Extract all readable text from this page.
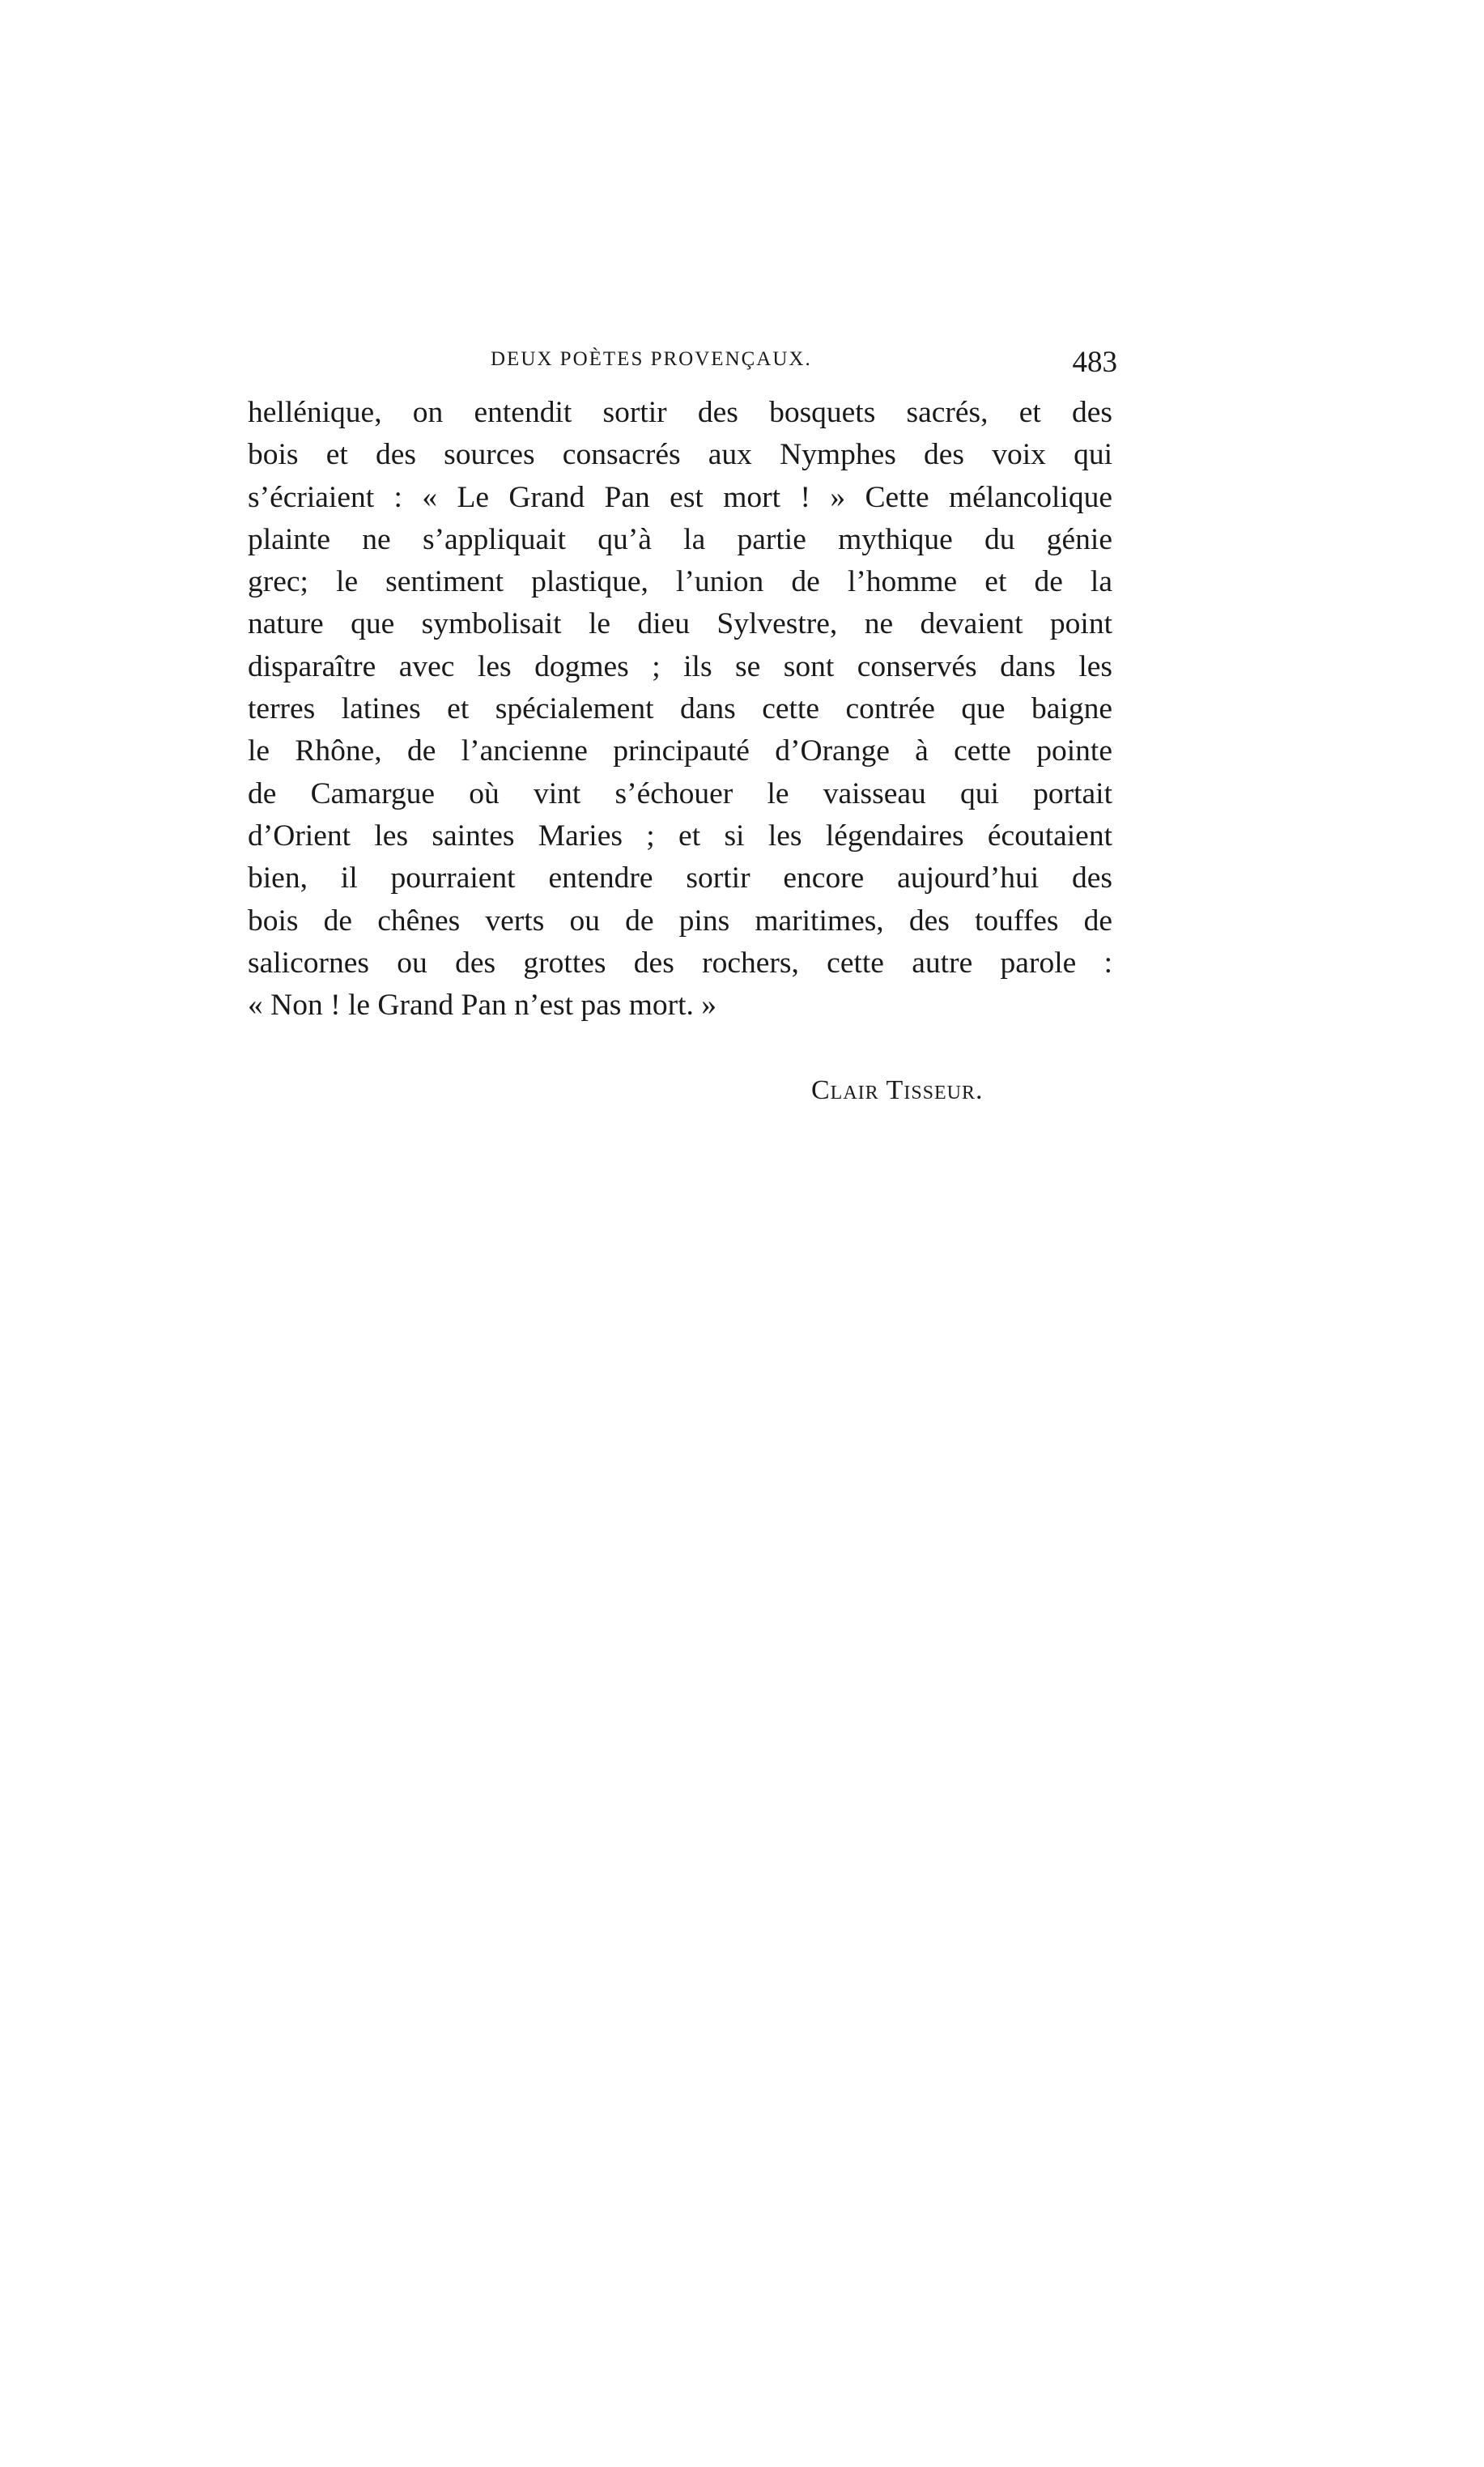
DEUX POÈTES PROVENÇAUX.	483
hellénique, on entendit sortir des bosquets sacrés, et des
bois et des sources consacrés aux Nymphes des voix qui
s’écriaient : « Le Grand Pan est mort ! » Cette mélancolique
plainte ne s’appliquait qu’à la partie mythique du génie
grec; le sentiment plastique, l’union de l’homme et de la
nature que symbolisait le dieu Sylvestre, ne devaient point
disparaître avec les dogmes ; ils se sont conservés dans les
terres latines et spécialement dans cette contrée que baigne
le Rhône, de l’ancienne principauté d’Orange à cette pointe
de Camargue où vint s’échouer le vaisseau qui portait
d’Orient les saintes Maries ; et si les légendaires écoutaient
bien, il pourraient entendre sortir encore aujourd’hui des
bois de chênes verts ou de pins maritimes, des touffes de
salicornes ou des grottes des rochers, cette autre parole :
« Non ! le Grand Pan n’est pas mort. »
Clair Tisseur.
